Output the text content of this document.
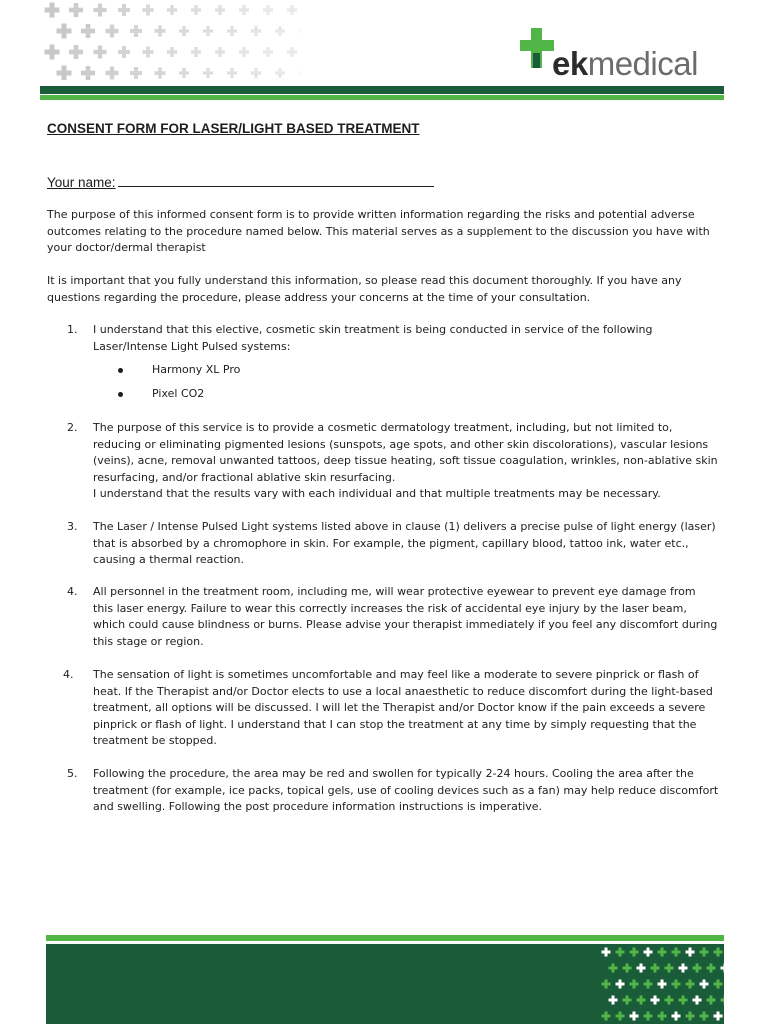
ekmedical
CONSENT FORM FOR LASER/LIGHT BASED TREATMENT
Your name:

The purpose of this informed consent form is to provide written information regarding the risks and potential adverse outcomes relating to the procedure named below. This material serves as a supplement to the discussion you have with your doctor/dermal therapist

It is important that you fully understand this information, so please read this document thoroughly. If you have any questions regarding the procedure, please address your concerns at the time of your consultation.

1.	I understand that this elective, cosmetic skin treatment is being conducted in service of the following Laser/Intense Light Pulsed systems:

Harmony XL Pro
Pixel CO2
2.	The purpose of this service is to provide a cosmetic dermatology treatment, including, but not limited to, reducing or eliminating pigmented lesions (sunspots, age spots, and other skin discolorations), vascular lesions (veins), acne, removal unwanted tattoos, deep tissue heating, soft tissue coagulation, wrinkles, non-ablative skin resurfacing, and/or fractional ablative skin resurfacing.

I understand that the results vary with each individual and that multiple treatments may be necessary.

3.	The Laser / Intense Pulsed Light systems listed above in clause (1) delivers a precise pulse of light energy (laser) that is absorbed by a chromophore in skin. For example, the pigment, capillary blood, tattoo ink, water etc., causing a thermal reaction.

4.	All personnel in the treatment room, including me, will wear protective eyewear to prevent eye damage from this laser energy. Failure to wear this correctly increases the risk of accidental eye injury by the laser beam, which could cause blindness or burns. Please advise your therapist immediately if you feel any discomfort during this stage or region.

4.	The sensation of light is sometimes uncomfortable and may feel like a moderate to severe pinprick or flash of heat. If the Therapist and/or Doctor elects to use a local anaesthetic to reduce discomfort during the light-based treatment, all options will be discussed. I will let the Therapist and/or Doctor know if the pain exceeds a severe pinprick or flash of light. I understand that I can stop the treatment at any time by simply requesting that the treatment be stopped.

5.	Following the procedure, the area may be red and swollen for typically 2-24 hours. Cooling the area after the treatment (for example, ice packs, topical gels, use of cooling devices such as a fan) may help reduce discomfort and swelling. Following the post procedure information instructions is imperative.
